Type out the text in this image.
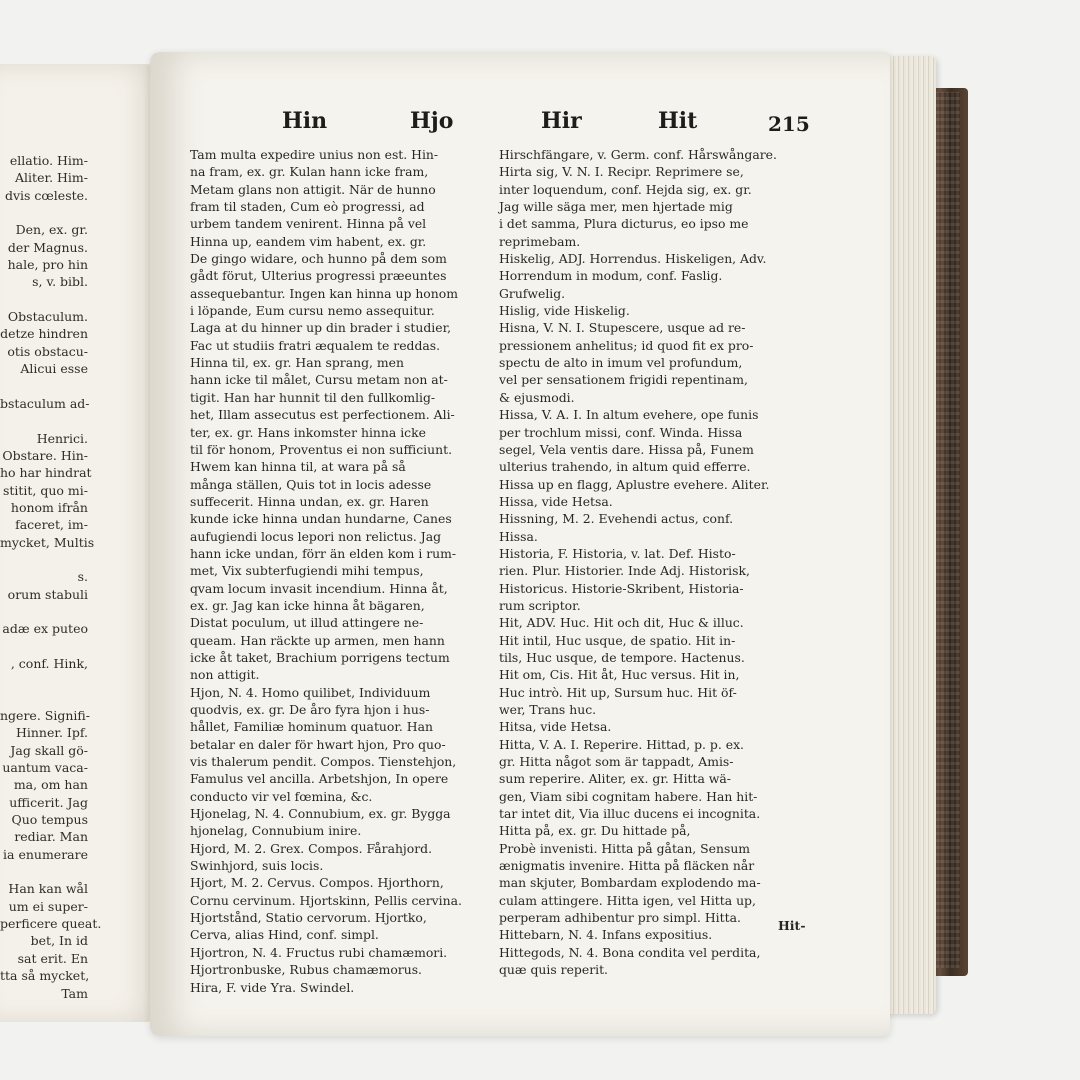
ellatio. Him-
Aliter. Him-
dvis cœleste.

Den, ex. gr.
der Magnus.
hale, pro hin
s, v. bibl.

Obstaculum.
detze hindren
otis obstacu-
Alicui esse

bstaculum ad-

Henrici.
Obstare. Hin-
ho har hindrat
stitit, quo mi-
honom ifrån
faceret, im-
mycket, Multis

s.
orum stabuli

adæ ex puteo

, conf. Hink,

ngere. Signifi-
Hinner. Ipf.
Jag skall gö-
uantum vaca-
ma, om han
ufficerit. Jag
Quo tempus
rediar. Man
ia enumerare

Han kan wål
um ei super-
perficere queat.
bet, In id
sat erit. En
tta så mycket,
Tam
Hin	Hjo	Hir	Hit	215
Tam multa expedire unius non est. Hin-
na fram, ex. gr. Kulan hann icke fram,
Metam glans non attigit. När de hunno
fram til staden, Cum eò progressi, ad
urbem tandem venirent. Hinna på vel
Hinna up, eandem vim habent, ex. gr.
De gingo widare, och hunno på dem som
gådt förut, Ulterius progressi præeuntes
assequebantur. Ingen kan hinna up honom
i löpande, Eum cursu nemo assequitur.
Laga at du hinner up din brader i studier,
Fac ut studiis fratri æqualem te reddas.
Hinna til, ex. gr. Han sprang, men
hann icke til målet, Cursu metam non at-
tigit. Han har hunnit til den fullkomlig-
het, Illam assecutus est perfectionem. Ali-
ter, ex. gr. Hans inkomster hinna icke
til för honom, Proventus ei non sufficiunt.
Hwem kan hinna til, at wara på så
många ställen, Quis tot in locis adesse
suffecerit. Hinna undan, ex. gr. Haren
kunde icke hinna undan hundarne, Canes
aufugiendi locus lepori non relictus. Jag
hann icke undan, förr än elden kom i rum-
met, Vix subterfugiendi mihi tempus,
qvam locum invasit incendium. Hinna åt,
ex. gr. Jag kan icke hinna åt bägaren,
Distat poculum, ut illud attingere ne-
queam. Han räckte up armen, men hann
icke åt taket, Brachium porrigens tectum
non attigit.
Hjon, N. 4. Homo quilibet, Individuum
quodvis, ex. gr. De åro fyra hjon i hus-
hållet, Familiæ hominum quatuor. Han
betalar en daler för hwart hjon, Pro quo-
vis thalerum pendit. Compos. Tienstehjon,
Famulus vel ancilla. Arbetshjon, In opere
conducto vir vel fœmina, &c.
Hjonelag, N. 4. Connubium, ex. gr. Bygga
hjonelag, Connubium inire.
Hjord, M. 2. Grex. Compos. Fårahjord.
Swinhjord, suis locis.
Hjort, M. 2. Cervus. Compos. Hjorthorn,
Cornu cervinum. Hjortskinn, Pellis cervina.
Hjortstånd, Statio cervorum. Hjortko,
Cerva, alias Hind, conf. simpl.
Hjortron, N. 4. Fructus rubi chamæmori.
Hjortronbuske, Rubus chamæmorus.
Hira, F. vide Yra. Swindel.
Hirschfängare, v. Germ. conf. Hårswångare.
Hirta sig, V. N. I. Recipr. Reprimere se,
inter loquendum, conf. Hejda sig, ex. gr.
Jag wille säga mer, men hjertade mig
i det samma, Plura dicturus, eo ipso me
reprimebam.
Hiskelig, ADJ. Horrendus. Hiskeligen, Adv.
Horrendum in modum, conf. Faslig.
Grufwelig.
Hislig, vide Hiskelig.
Hisna, V. N. I. Stupescere, usque ad re-
pressionem anhelitus; id quod fit ex pro-
spectu de alto in imum vel profundum,
vel per sensationem frigidi repentinam,
& ejusmodi.
Hissa, V. A. I. In altum evehere, ope funis
per trochlum missi, conf. Winda. Hissa
segel, Vela ventis dare. Hissa på, Funem
ulterius trahendo, in altum quid efferre.
Hissa up en flagg, Aplustre evehere. Aliter.
Hissa, vide Hetsa.
Hissning, M. 2. Evehendi actus, conf.
Hissa.
Historia, F. Historia, v. lat. Def. Histo-
rien. Plur. Historier. Inde Adj. Historisk,
Historicus. Historie-Skribent, Historia-
rum scriptor.
Hit, ADV. Huc. Hit och dit, Huc & illuc.
Hit intil, Huc usque, de spatio. Hit in-
tils, Huc usque, de tempore. Hactenus.
Hit om, Cis. Hit åt, Huc versus. Hit in,
Huc intrò. Hit up, Sursum huc. Hit öf-
wer, Trans huc.
Hitsa, vide Hetsa.
Hitta, V. A. I. Reperire. Hittad, p. p. ex.
gr. Hitta något som är tappadt, Amis-
sum reperire. Aliter, ex. gr. Hitta wä-
gen, Viam sibi cognitam habere. Han hit-
tar intet dit, Via illuc ducens ei incognita.
Hitta på, ex. gr. Du hittade på,
Probè invenisti. Hitta på gåtan, Sensum
ænigmatis invenire. Hitta på fläcken når
man skjuter, Bombardam explodendo ma-
culam attingere. Hitta igen, vel Hitta up,
perperam adhibentur pro simpl. Hitta.
Hittebarn, N. 4. Infans expositius.
Hittegods, N. 4. Bona condita vel perdita,
quæ quis reperit.
Hit-
